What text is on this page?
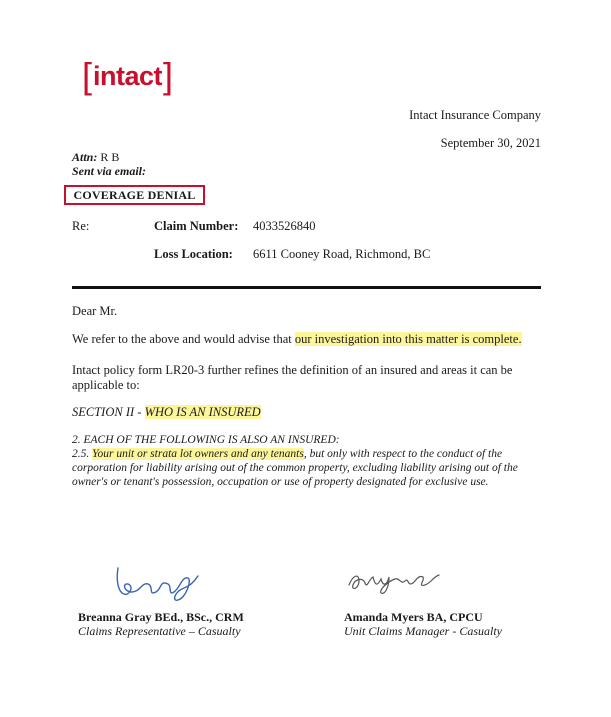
[ intact ]
Intact Insurance Company
September 30, 2021
Attn: R B
Sent via email:
COVERAGE DENIAL
Re:	Claim Number: 4033526840
Loss Location: 6611 Cooney Road, Richmond, BC
Dear Mr.
We refer to the above and would advise that our investigation into this matter is complete.
Intact policy form LR20-3 further refines the definition of an insured and areas it can be applicable to:
SECTION II - WHO IS AN INSURED
2. EACH OF THE FOLLOWING IS ALSO AN INSURED:
2.5. Your unit or strata lot owners and any tenants, but only with respect to the conduct of the corporation for liability arising out of the common property, excluding liability arising out of the owner's or tenant's possession, occupation or use of property designated for exclusive use.
Breanna Gray BEd., BSc., CRM
Claims Representative – Casualty
Amanda Myers BA, CPCU
Unit Claims Manager - Casualty
